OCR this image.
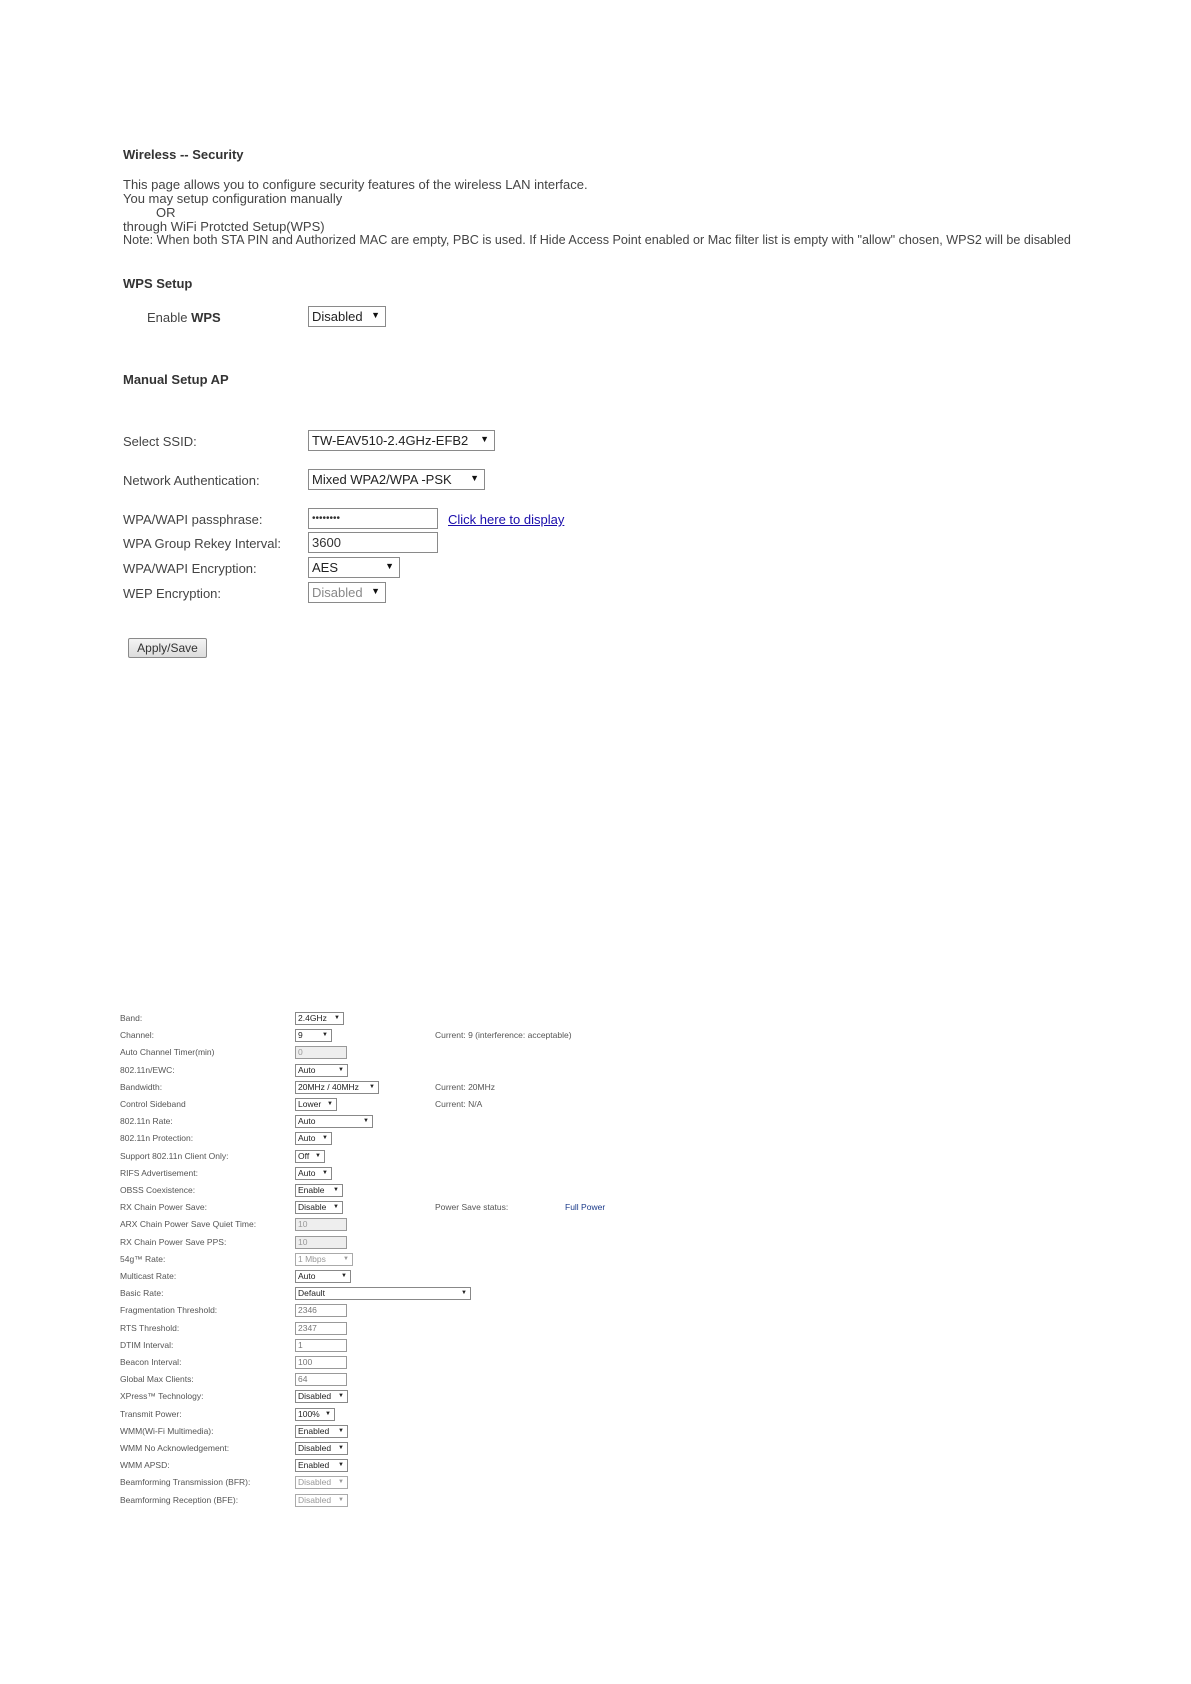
Wireless -- Security
This page allows you to configure security features of the wireless LAN interface.
You may setup configuration manually
OR
through WiFi Protcted Setup(WPS)
Note: When both STA PIN and Authorized MAC are empty, PBC is used. If Hide Access Point enabled or Mac filter list is empty with "allow" chosen, WPS2 will be disabled
WPS Setup
Enable WPS	Disabled ▼
Manual Setup AP
Select SSID:	TW-EAV510-2.4GHz-EFB2 ▼
Network Authentication:	Mixed WPA2/WPA -PSK ▼
WPA/WAPI passphrase:	••••••••	Click here to display
WPA Group Rekey Interval:	3600
WPA/WAPI Encryption:	AES	▼
WEP Encryption:	Disabled ▼
Apply/Save
Band:	2.4GHz ▼
Channel:	9	▼	Current: 9 (interference: acceptable)
Auto Channel Timer(min)	0
802.11n/EWC:	Auto	▼
Bandwidth:	20MHz / 40MHz ▼	Current: 20MHz
Control Sideband	Lower ▼	Current: N/A
802.11n Rate:	Auto	▼
802.11n Protection:	Auto ▼
Support 802.11n Client Only:	Off ▼
RIFS Advertisement:	Auto ▼
OBSS Coexistence:	Enable ▼
RX Chain Power Save:	Disable ▼	Power Save status:	Full Power
ARX Chain Power Save Quiet Time:	10
RX Chain Power Save PPS:	10
54g™ Rate:	1 Mbps	▼
Multicast Rate:	Auto	▼
Basic Rate:	Default	▼
Fragmentation Threshold:	2346
RTS Threshold:	2347
DTIM Interval:	1
Beacon Interval:	100
Global Max Clients:	64
XPress™ Technology:	Disabled ▼
Transmit Power:	100% ▼
WMM(Wi-Fi Multimedia):	Enabled ▼
WMM No Acknowledgement:	Disabled ▼
WMM APSD:	Enabled ▼
Beamforming Transmission (BFR):	Disabled ▼
Beamforming Reception (BFE):	Disabled ▼
